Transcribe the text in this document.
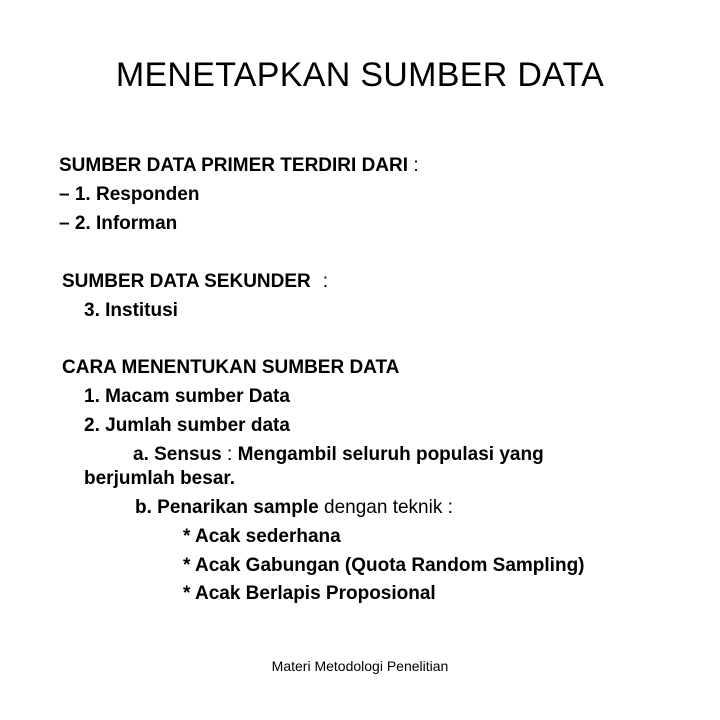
MENETAPKAN SUMBER DATA
SUMBER DATA PRIMER TERDIRI DARI :
– 1. Responden
– 2. Informan
SUMBER DATA SEKUNDER :
3. Institusi
CARA MENENTUKAN SUMBER DATA
1. Macam sumber Data
2. Jumlah sumber data
a. Sensus : Mengambil seluruh populasi yang
berjumlah besar.
b. Penarikan sample dengan teknik :
* Acak sederhana
* Acak Gabungan (Quota Random Sampling)
* Acak Berlapis Proposional
Materi Metodologi Penelitian
